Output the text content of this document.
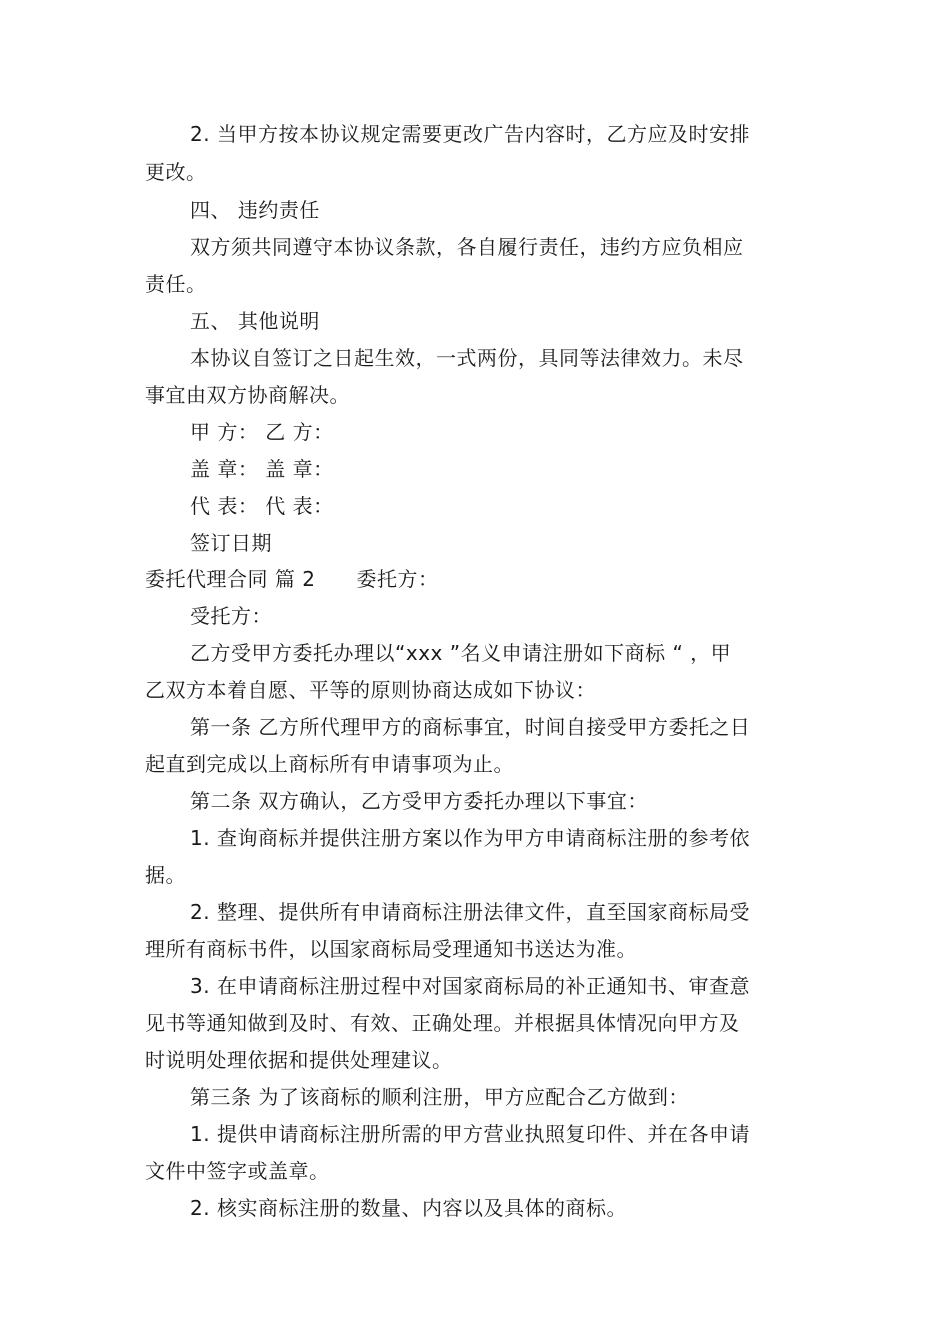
2. 当甲方按本协议规定需要更改广告内容时，乙方应及时安排
更改。
四、 违约责任
双方须共同遵守本协议条款，各自履行责任，违约方应负相应
责任。
五、 其他说明
本协议自签订之日起生效，一式两份，具同等法律效力。未尽
事宜由双方协商解决。
甲 方： 乙 方：
盖 章： 盖 章：
代 表： 代 表：
签订日期
委托代理合同 篇 2　　委托方：
受托方：
乙方受甲方委托办理以“xxx ”名义申请注册如下商标 “ ，甲
乙双方本着自愿、平等的原则协商达成如下协议：
第一条 乙方所代理甲方的商标事宜，时间自接受甲方委托之日
起直到完成以上商标所有申请事项为止。
第二条 双方确认，乙方受甲方委托办理以下事宜：
1. 查询商标并提供注册方案以作为甲方申请商标注册的参考依
据。
2. 整理、提供所有申请商标注册法律文件，直至国家商标局受
理所有商标书件，以国家商标局受理通知书送达为准。
3. 在申请商标注册过程中对国家商标局的补正通知书、审查意
见书等通知做到及时、有效、正确处理。并根据具体情况向甲方及
时说明处理依据和提供处理建议。
第三条 为了该商标的顺利注册，甲方应配合乙方做到：
1. 提供申请商标注册所需的甲方营业执照复印件、并在各申请
文件中签字或盖章。
2. 核实商标注册的数量、内容以及具体的商标。
